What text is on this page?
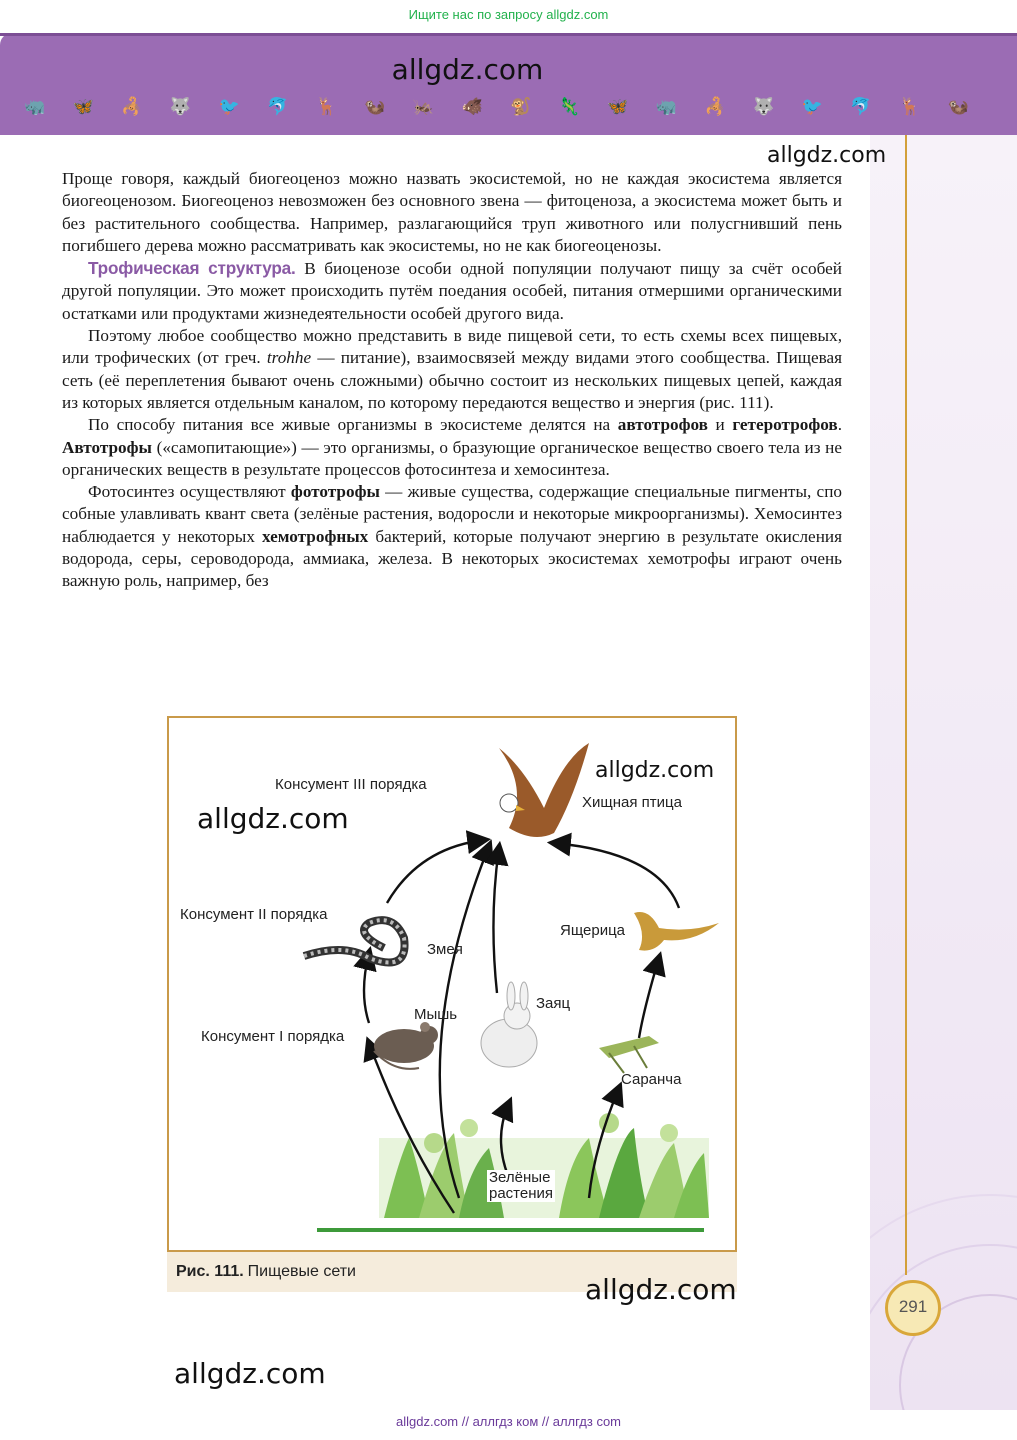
Ищите нас по запросу allgdz.com
allgdz.com
🦏 🦋 🦂 🐺 🐦 🐬 🦌 🦦 🦗 🐗 🐒 🦎 🦋 🦏 🦂 🐺 🐦 🐬 🦌 🦦
allgdz.com

Проще говоря, каждый биогеоценоз можно назвать экосистемой, но не каждая экосистема является биогеоценозом. Биогеоценоз невозможен без основного звена — фитоценоза, а экосистема может быть и без растительного сообщества. Например, разлагающийся труп животного или полусгнивший пень погибшего дерева можно рассматривать как экосистемы, но не как биогеоценозы.

Трофическая структура. В биоценозе особи одной популяции получают пищу за счёт особей другой популяции. Это может происходить путём поедания особей, питания отмершими органическими остатками или продуктами жизнедеятельности особей другого вида.

Поэтому любое сообщество можно представить в виде пищевой сети, то есть схемы всех пищевых, или трофических (от греч. trohhe — питание), взаимосвязей между видами этого сообщества. Пищевая сеть (её переплетения бывают очень сложными) обычно состоит из нескольких пищевых цепей, каждая из которых является отдельным каналом, по которому передаются вещество и энергия (рис. 111).

По способу питания все живые организмы в экосистеме делятся на автотрофов и гетеротрофов. Автотрофы («самопитающие») — это организмы, о бразующие органическое вещество своего тела из не органических веществ в результате процессов фотосинтеза и хемосинтеза.

Фотосинтез осуществляют фототрофы — живые существа, содержащие специальные пигменты, спо собные улавливать квант света (зелёные растения, водоросли и некоторые микроорганизмы). Хемосинтез наблюдается у некоторых хемотрофных бактерий, которые получают энергию в результате окисления водорода, серы, сероводорода, аммиака, железа. В некоторых экосистемах хемотрофы играют очень важную роль, например, без

Консумент III порядка
Хищная птица
Консумент II порядка
Змея
Ящерица
Мышь
Заяц
Консумент I порядка
Саранча
Зелёные
растения
allgdz.com
allgdz.com
Рис. 111. Пищевые сети
allgdz.com
allgdz.com
291
allgdz.com // аллгдз ком // аллгдз com
